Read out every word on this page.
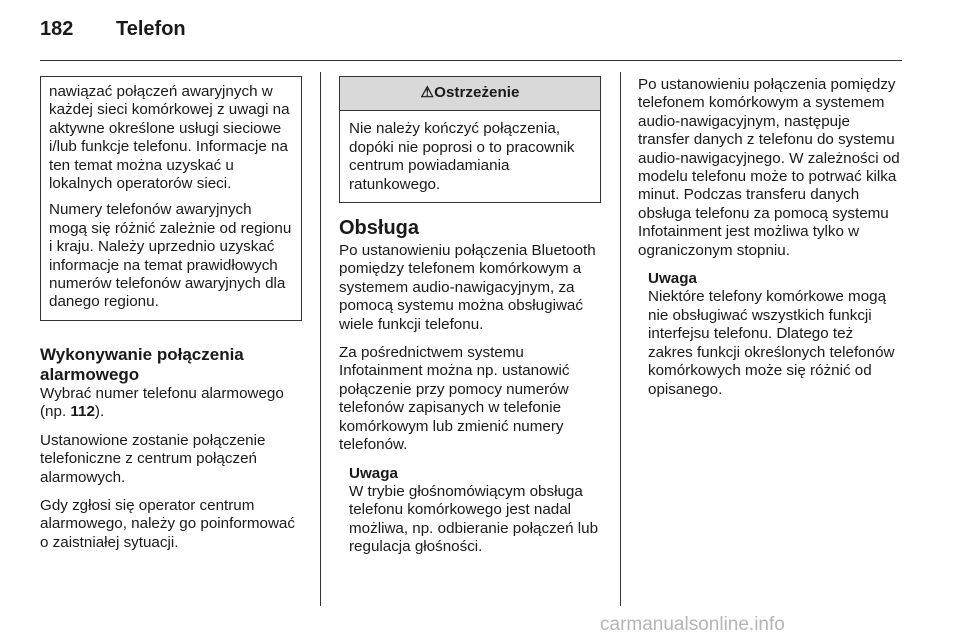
182 Telefon

nawiązać połączeń awaryjnych w każdej sieci komórkowej z uwagi na aktywne określone usługi sieciowe i/lub funkcje telefonu. Informacje na ten temat można uzyskać u lokalnych operatorów sieci.

Numery telefonów awaryjnych mogą się różnić zależnie od regionu i kraju. Należy uprzednio uzyskać informacje na temat prawidłowych numerów telefonów awaryjnych dla danego regionu.

Wykonywanie połączenia alarmowego

Wybrać numer telefonu alarmowego (np. 112).

Ustanowione zostanie połączenie telefoniczne z centrum połączeń alarmowych.

Gdy zgłosi się operator centrum alarmowego, należy go poinformować o zaistniałej sytuacji.

⚠Ostrzeżenie

Nie należy kończyć połączenia, dopóki nie poprosi o to pracownik centrum powiadamiania ratunkowego.

Obsługa

Po ustanowieniu połączenia Bluetooth pomiędzy telefonem komórkowym a systemem audio-nawigacyjnym, za pomocą systemu można obsługiwać wiele funkcji telefonu.

Za pośrednictwem systemu Infotainment można np. ustanowić połączenie przy pomocy numerów telefonów zapisanych w telefonie komórkowym lub zmienić numery telefonów.

Uwaga
W trybie głośnomówiącym obsługa telefonu komórkowego jest nadal możliwa, np. odbieranie połączeń lub regulacja głośności.

Po ustanowieniu połączenia pomiędzy telefonem komórkowym a systemem audio-nawigacyjnym, następuje transfer danych z telefonu do systemu audio-nawigacyjnego. W zależności od modelu telefonu może to potrwać kilka minut. Podczas transferu danych obsługa telefonu za pomocą systemu Infotainment jest możliwa tylko w ograniczonym stopniu.

Uwaga
Niektóre telefony komórkowe mogą nie obsługiwać wszystkich funkcji interfejsu telefonu. Dlatego też zakres funkcji określonych telefonów komórkowych może się różnić od opisanego.
carmanualsonline.info
